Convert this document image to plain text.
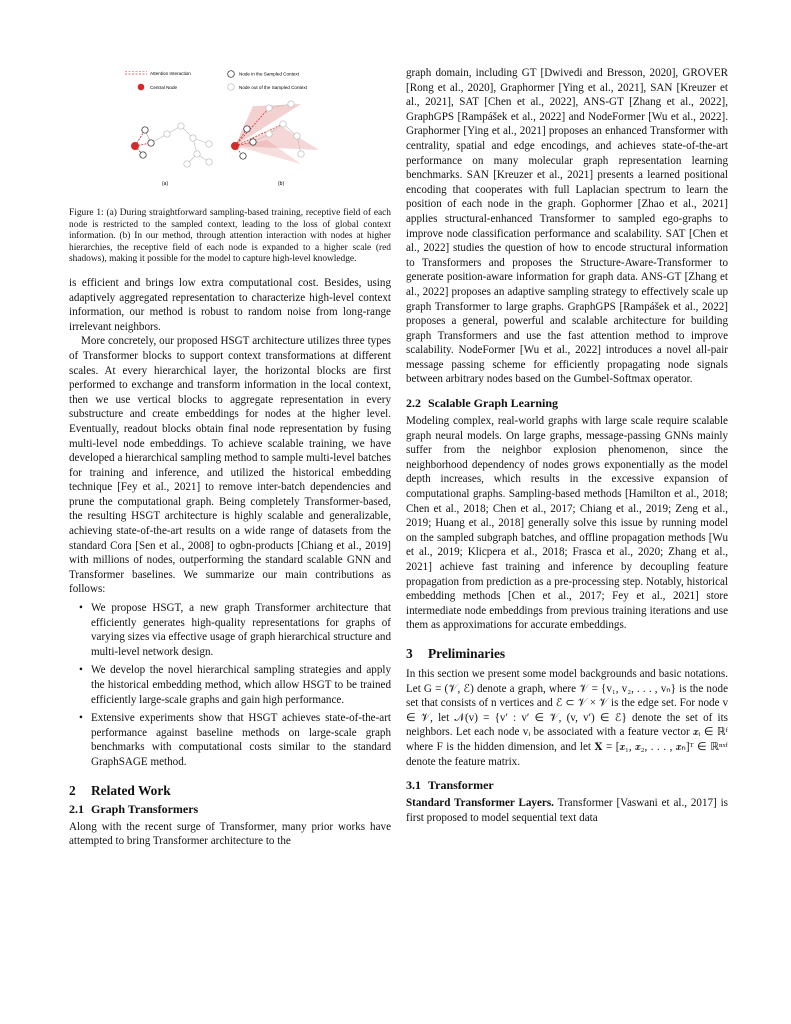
Attention Interaction
Central Node
Node in the Sampled Context
Node out of the Sampled Context
(a)	(b)

Figure 1: (a) During straightforward sampling-based training, receptive field of each node is restricted to the sampled context, leading to the loss of global context information. (b) In our method, through attention interaction with nodes at higher hierarchies, the receptive field of each node is expanded to a higher scale (red shadows), making it possible for the model to capture high-level knowledge.

is efficient and brings low extra computational cost. Besides, using adaptively aggregated representation to characterize high-level context information, our method is robust to random noise from long-range irrelevant neighbors.

More concretely, our proposed HSGT architecture utilizes three types of Transformer blocks to support context transformations at different scales. At every hierarchical layer, the horizontal blocks are first performed to exchange and transform information in the local context, then we use vertical blocks to aggregate representation in every substructure and create embeddings for nodes at the higher level. Eventually, readout blocks obtain final node representation by fusing multi-level node embeddings. To achieve scalable training, we have developed a hierarchical sampling method to sample multi-level batches for training and inference, and utilized the historical embedding technique [Fey et al., 2021] to remove inter-batch dependencies and prune the computational graph. Being completely Transformer-based, the resulting HSGT architecture is highly scalable and generalizable, achieving state-of-the-art results on a wide range of datasets from the standard Cora [Sen et al., 2008] to ogbn-products [Chiang et al., 2019] with millions of nodes, outperforming the standard scalable GNN and Transformer baselines. We summarize our main contributions as follows:

• We propose HSGT, a new graph Transformer architecture that efficiently generates high-quality representations for graphs of varying sizes via effective usage of graph hierarchical structure and multi-level network design.
• We develop the novel hierarchical sampling strategies and apply the historical embedding method, which allow HSGT to be trained efficiently large-scale graphs and gain high performance.
• Extensive experiments show that HSGT achieves state-of-the-art performance against baseline methods on large-scale graph benchmarks with computational costs similar to the standard GraphSAGE method.
2 Related Work
2.1 Graph Transformers

Along with the recent surge of Transformer, many prior works have attempted to bring Transformer architecture to the

graph domain, including GT [Dwivedi and Bresson, 2020], GROVER [Rong et al., 2020], Graphormer [Ying et al., 2021], SAN [Kreuzer et al., 2021], SAT [Chen et al., 2022], ANS-GT [Zhang et al., 2022], GraphGPS [Rampášek et al., 2022] and NodeFormer [Wu et al., 2022]. Graphormer [Ying et al., 2021] proposes an enhanced Transformer with centrality, spatial and edge encodings, and achieves state-of-the-art performance on many molecular graph representation learning benchmarks. SAN [Kreuzer et al., 2021] presents a learned positional encoding that cooperates with full Laplacian spectrum to learn the position of each node in the graph. Gophormer [Zhao et al., 2021] applies structural-enhanced Transformer to sampled ego-graphs to improve node classification performance and scalability. SAT [Chen et al., 2022] studies the question of how to encode structural information to Transformers and proposes the Structure-Aware-Transformer to generate position-aware information for graph data. ANS-GT [Zhang et al., 2022] proposes an adaptive sampling strategy to effectively scale up graph Transformer to large graphs. GraphGPS [Rampášek et al., 2022] proposes a general, powerful and scalable architecture for building graph Transformers and use the fast attention method to improve scalability. NodeFormer [Wu et al., 2022] introduces a novel all-pair message passing scheme for efficiently propagating node signals between arbitrary nodes based on the Gumbel-Softmax operator.

2.2 Scalable Graph Learning

Modeling complex, real-world graphs with large scale require scalable graph neural models. On large graphs, message-passing GNNs mainly suffer from the neighbor explosion phenomenon, since the neighborhood dependency of nodes grows exponentially as the model depth increases, which results in the excessive expansion of computational graphs. Sampling-based methods [Hamilton et al., 2018; Chen et al., 2018; Chen et al., 2017; Chiang et al., 2019; Zeng et al., 2019; Huang et al., 2018] generally solve this issue by running model on the sampled subgraph batches, and offline propagation methods [Wu et al., 2019; Klicpera et al., 2018; Frasca et al., 2020; Zhang et al., 2021] achieve fast training and inference by decoupling feature propagation from prediction as a pre-processing step. Notably, historical embedding methods [Chen et al., 2017; Fey et al., 2021] store intermediate node embeddings from previous training iterations and use them as approximations for accurate embeddings.

3 Preliminaries

In this section we present some model backgrounds and basic notations. Let G = (𝒱, ℰ) denote a graph, where 𝒱 = {v₁, v₂, . . . , vₙ} is the node set that consists of n vertices and ℰ ⊂ 𝒱 × 𝒱 is the edge set. For node v ∈ 𝒱, let 𝒩(v) = {v′ : v′ ∈ 𝒱, (v, v′) ∈ ℰ} denote the set of its neighbors. Let each node vᵢ be associated with a feature vector 𝒙ᵢ ∈ ℝᶠ where F is the hidden dimension, and let 𝐗 = [𝒙₁, 𝒙₂, . . . , 𝒙ₙ]ᵀ ∈ ℝⁿˣᶠ denote the feature matrix.

3.1 Transformer

Standard Transformer Layers. Transformer [Vaswani et al., 2017] is first proposed to model sequential text data
